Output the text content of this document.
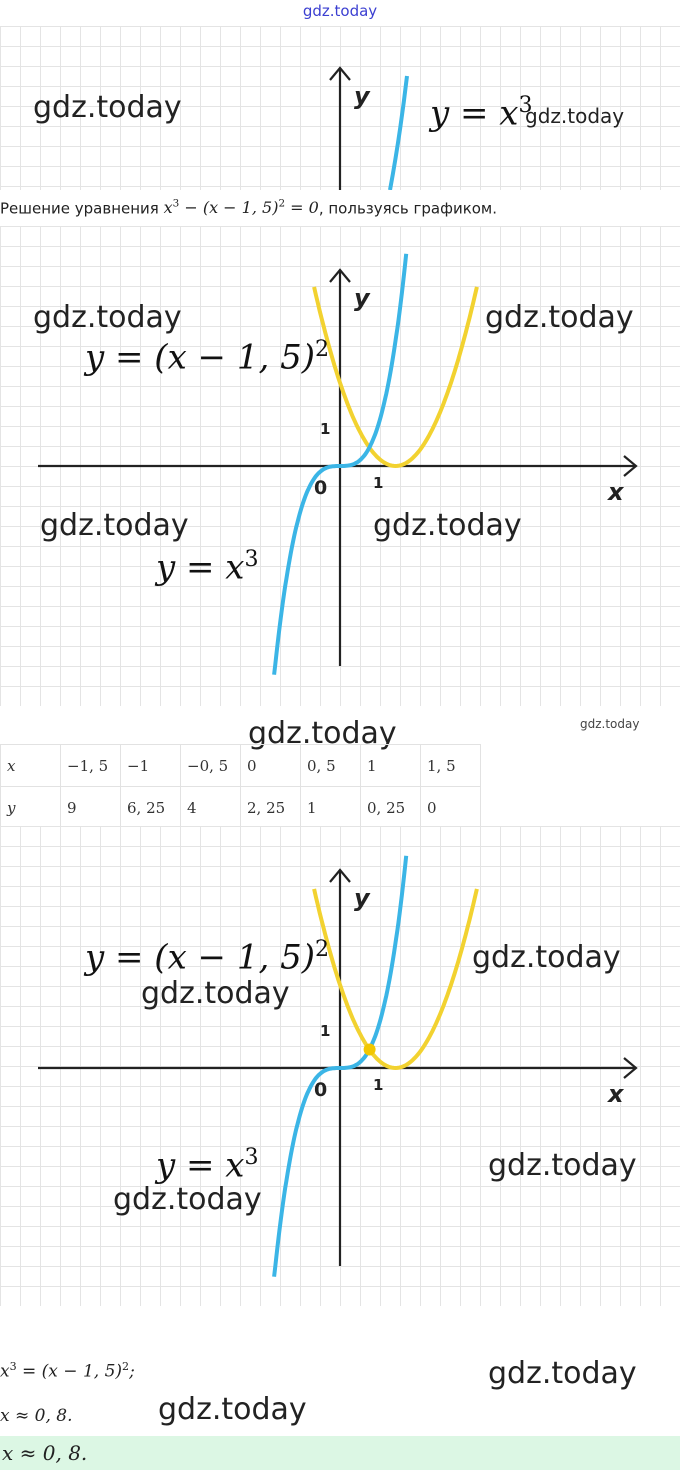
gdz.today
y
gdz.today	$y = x^3$
gdz.today
Решение уравнения $x^3 - (x - 1$, 5)$^2$ = 0, пользуясь графиком.
y
x
0	1
1
gdz.today	gdz.today
gdz.today	gdz.today
y = (x − 1, 5)$^2$
$y = x^3$
gdz.today	gdz.today
x	−1, 5	−1	−0, 5	0	0, 5	1	1, 5
y	9	6, 25	4	2, 25	1	0, 25	0
y
x
0	1
1
y = (x − 1, 5)$^2$
gdz.today
gdz.today
$y = x^3$
gdz.today
gdz.today
$x^3 = (x - 1$, 5)$^2$;	gdz.today
x ≈ 0, 8.	gdz.today
x ≈ 0, 8.
